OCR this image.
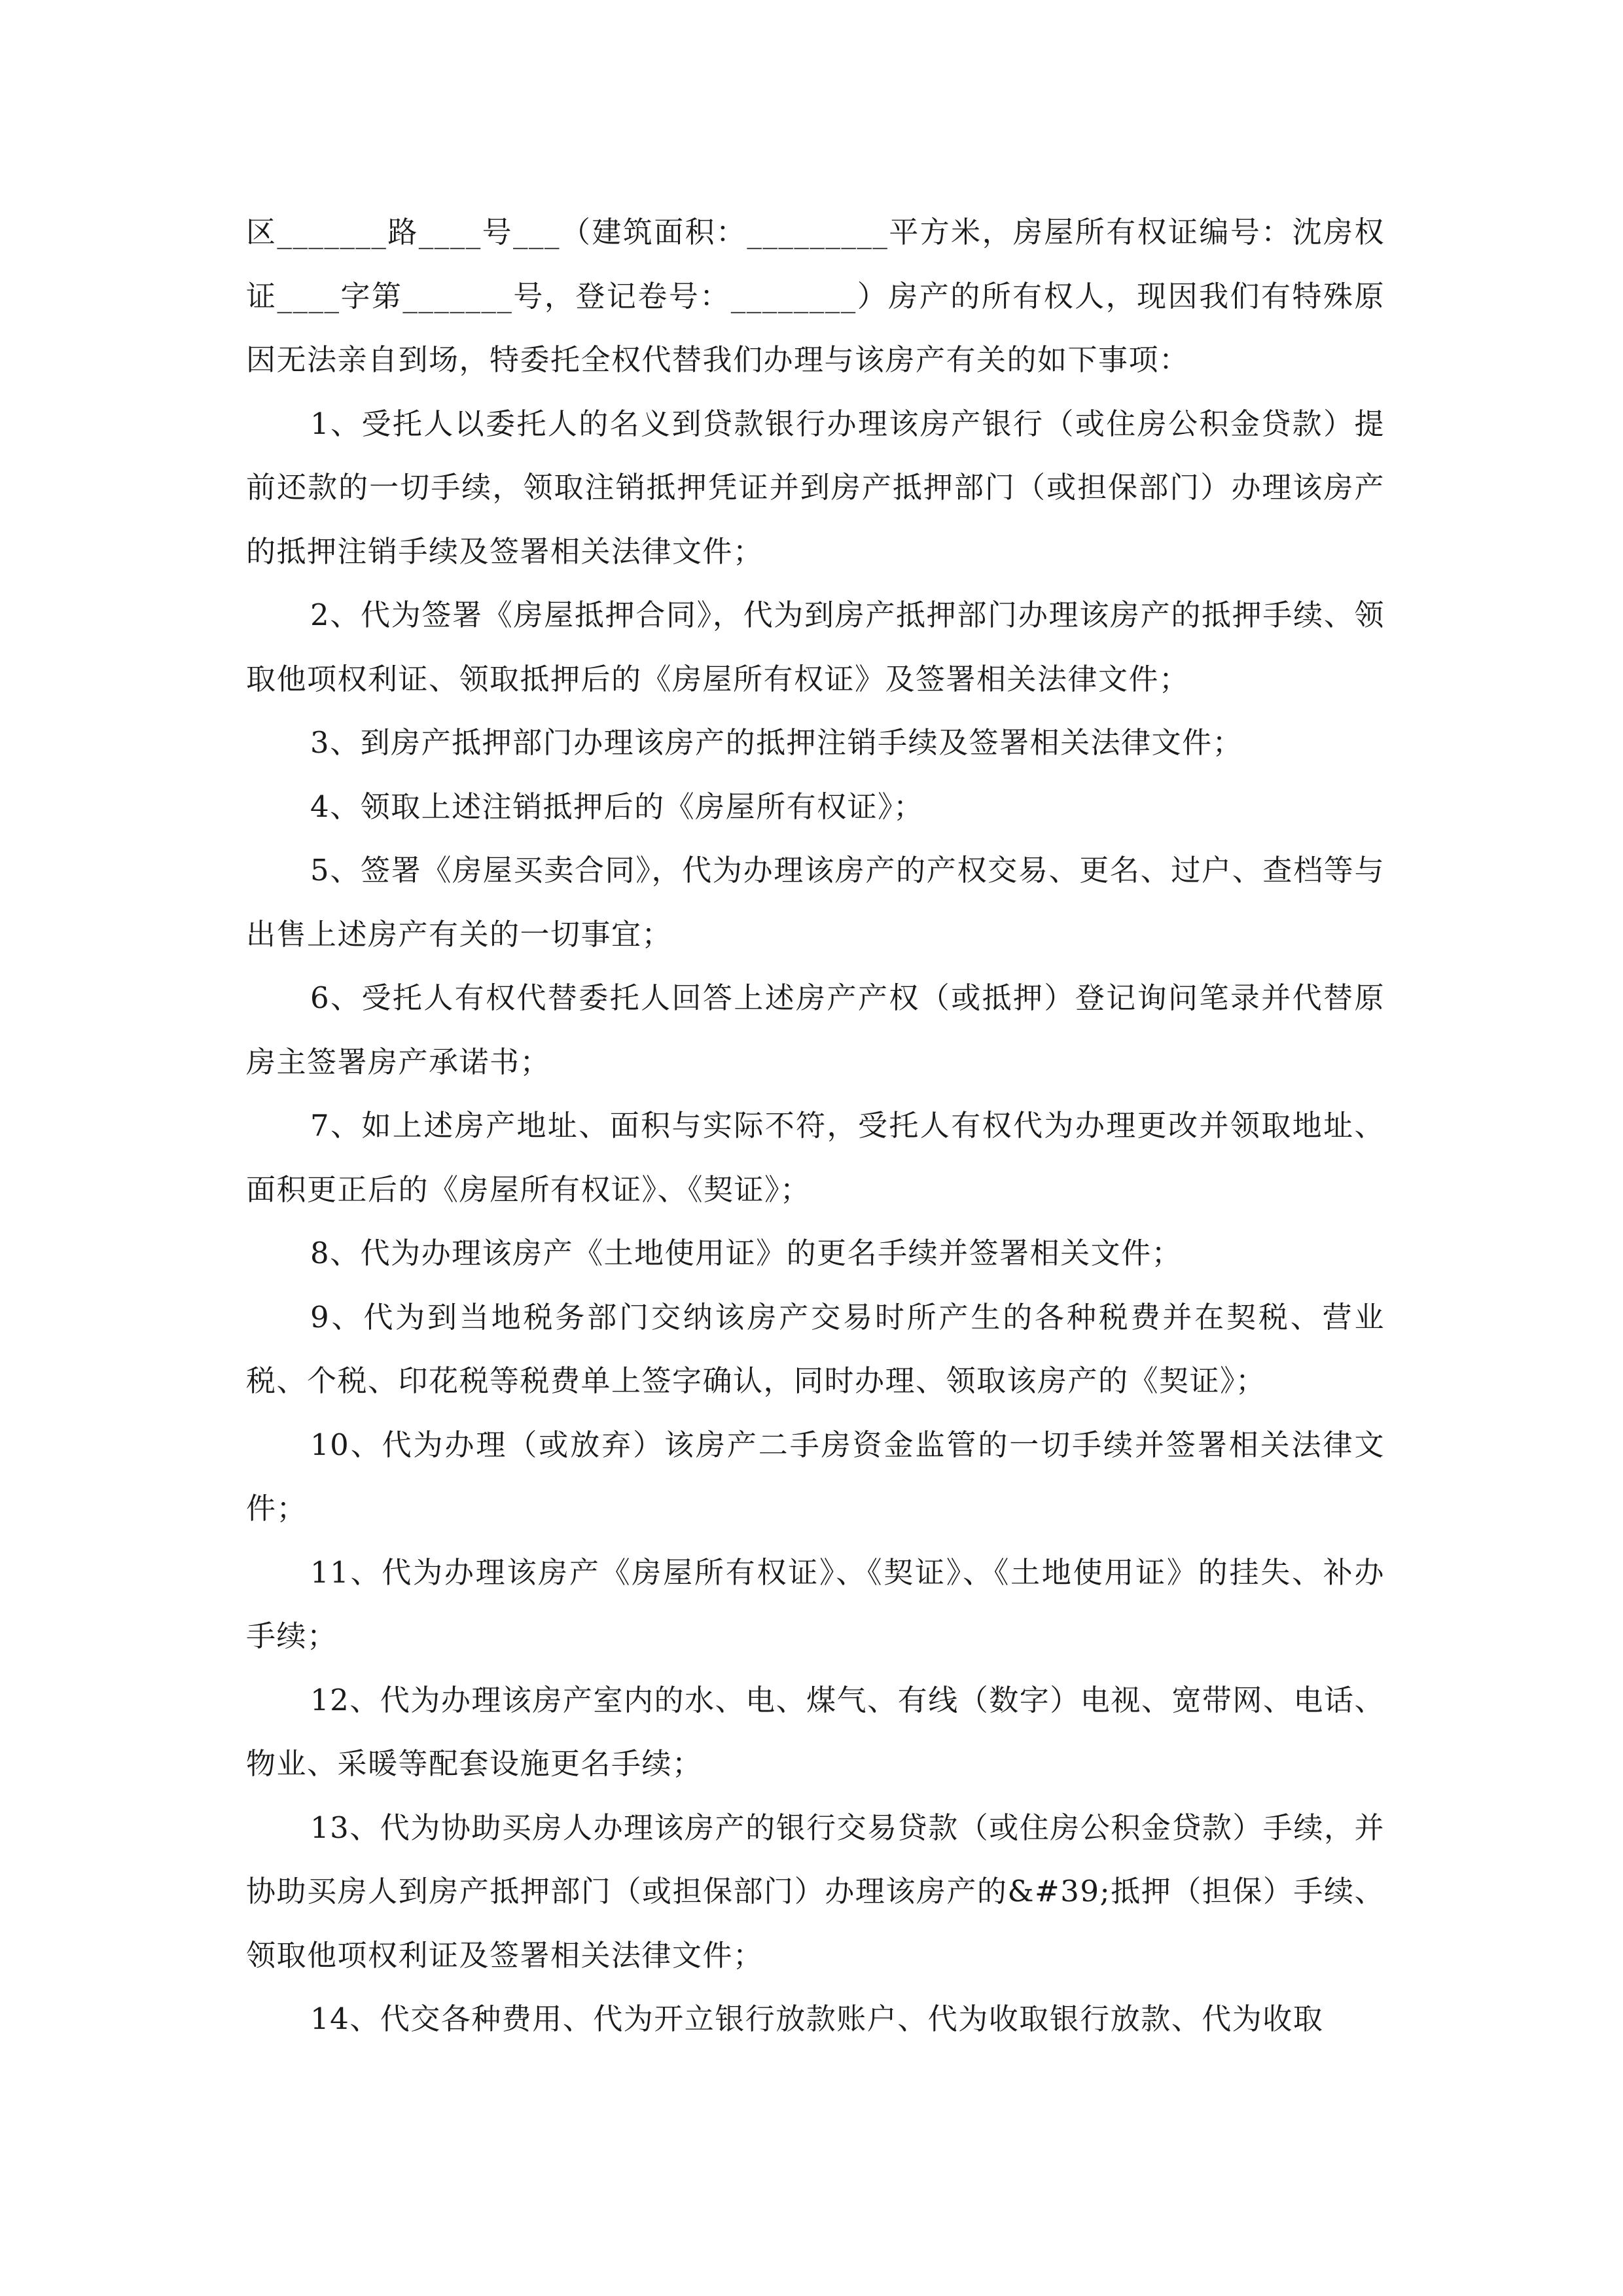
区_______路____号___（建筑面积：_________平方米，房屋所有权证编号：沈房权证____字第_______号，登记卷号：________）房产的所有权人，现因我们有特殊原因无法亲自到场，特委托全权代替我们办理与该房产有关的如下事项：

1、受托人以委托人的名义到贷款银行办理该房产银行（或住房公积金贷款）提前还款的一切手续，领取注销抵押凭证并到房产抵押部门（或担保部门）办理该房产的抵押注销手续及签署相关法律文件；

2、代为签署《房屋抵押合同》，代为到房产抵押部门办理该房产的抵押手续、领取他项权利证、领取抵押后的《房屋所有权证》及签署相关法律文件；

3、到房产抵押部门办理该房产的抵押注销手续及签署相关法律文件；

4、领取上述注销抵押后的《房屋所有权证》；

5、签署《房屋买卖合同》，代为办理该房产的产权交易、更名、过户、查档等与出售上述房产有关的一切事宜；

6、受托人有权代替委托人回答上述房产产权（或抵押）登记询问笔录并代替原房主签署房产承诺书；

7、如上述房产地址、面积与实际不符，受托人有权代为办理更改并领取地址、面积更正后的《房屋所有权证》、《契证》；

8、代为办理该房产《土地使用证》的更名手续并签署相关文件；

9、代为到当地税务部门交纳该房产交易时所产生的各种税费并在契税、营业税、个税、印花税等税费单上签字确认，同时办理、领取该房产的《契证》；

10、代为办理（或放弃）该房产二手房资金监管的一切手续并签署相关法律文件；

11、代为办理该房产《房屋所有权证》、《契证》、《土地使用证》的挂失、补办手续；

12、代为办理该房产室内的水、电、煤气、有线（数字）电视、宽带网、电话、物业、采暖等配套设施更名手续；

13、代为协助买房人办理该房产的银行交易贷款（或住房公积金贷款）手续，并协助买房人到房产抵押部门（或担保部门）办理该房产的&#39;抵押（担保）手续、领取他项权利证及签署相关法律文件；

14、代交各种费用、代为开立银行放款账户、代为收取银行放款、代为收取
